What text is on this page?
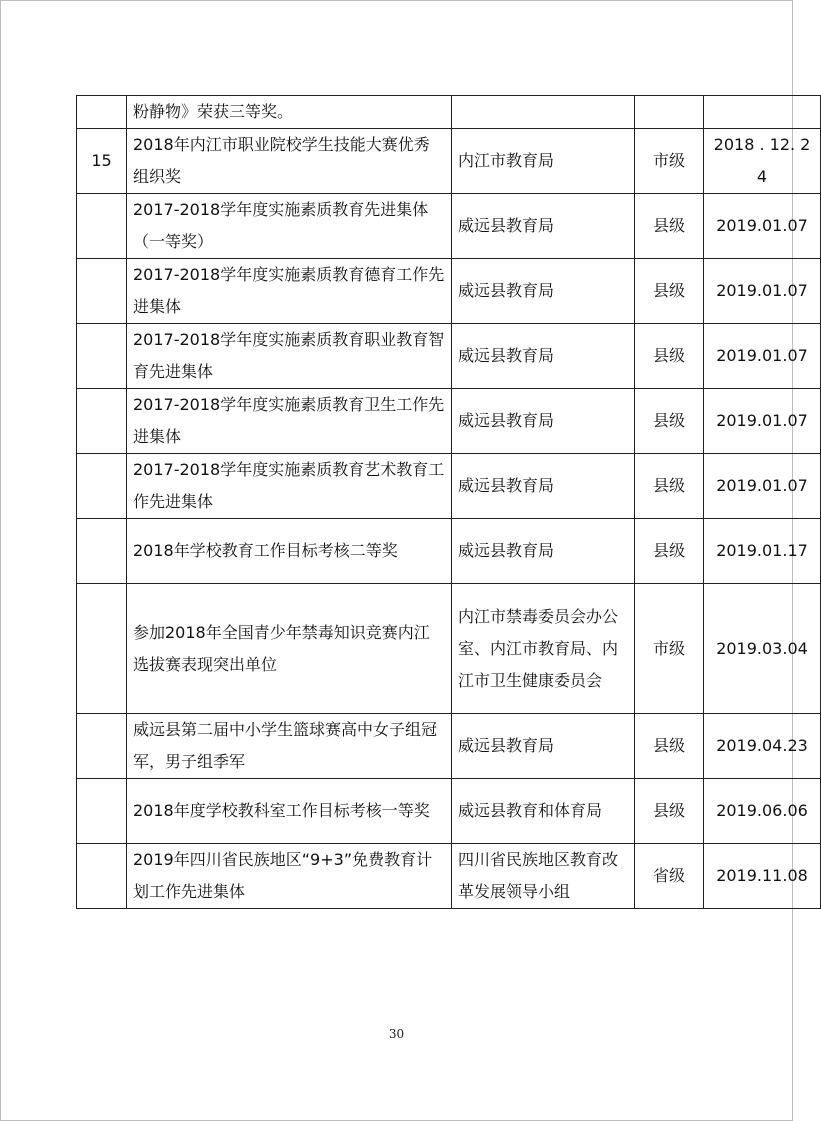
	粉静物》荣获三等奖。			
15	2018年内江市职业院校学生技能大赛优秀组织奖	内江市教育局	市级	2018 . 12. 24
	2017-2018学年度实施素质教育先进集体（一等奖）	威远县教育局	县级	2019.01.07
	2017-2018学年度实施素质教育德育工作先进集体	威远县教育局	县级	2019.01.07
	2017-2018学年度实施素质教育职业教育智育先进集体	威远县教育局	县级	2019.01.07
	2017-2018学年度实施素质教育卫生工作先进集体	威远县教育局	县级	2019.01.07
	2017-2018学年度实施素质教育艺术教育工作先进集体	威远县教育局	县级	2019.01.07
	2018年学校教育工作目标考核二等奖	威远县教育局	县级	2019.01.17
	参加2018年全国青少年禁毒知识竞赛内江选拔赛表现突出单位	内江市禁毒委员会办公室、内江市教育局、内江市卫生健康委员会	市级	2019.03.04
	威远县第二届中小学生篮球赛高中女子组冠军，男子组季军	威远县教育局	县级	2019.04.23
	2018年度学校教科室工作目标考核一等奖	威远县教育和体育局	县级	2019.06.06
	2019年四川省民族地区“9+3”免费教育计划工作先进集体	四川省民族地区教育改革发展领导小组	省级	2019.11.08
30
